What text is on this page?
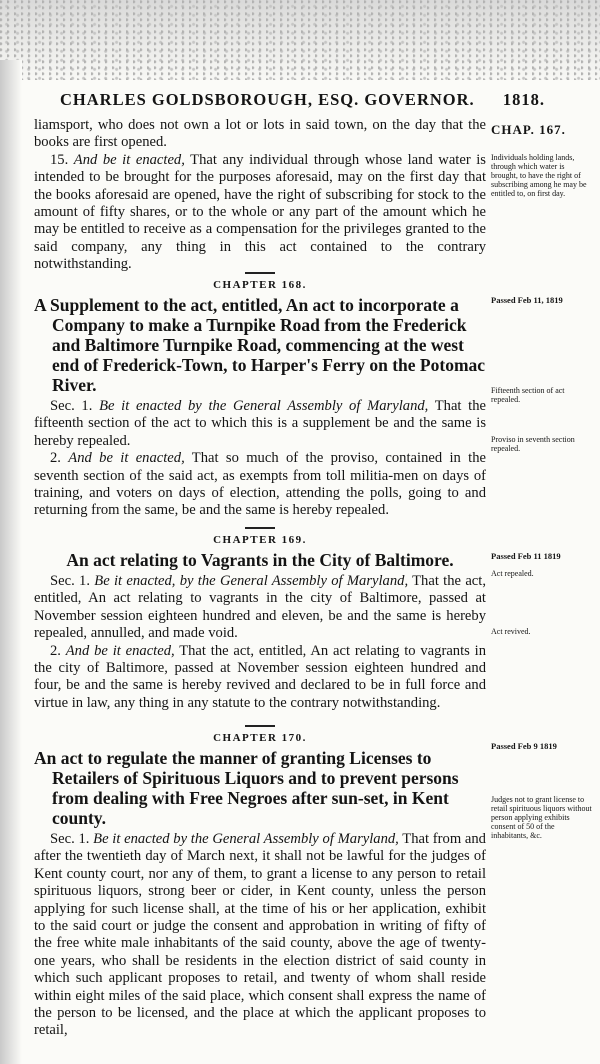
CHARLES GOLDSBOROUGH, ESQ. GOVERNOR. 1818.

liamsport, who does not own a lot or lots in said town, on the day that the books are first opened.

15. And be it enacted, That any individual through whose land water is intended to be brought for the purposes aforesaid, may on the first day that the books aforesaid are opened, have the right of subscribing for stock to the amount of fifty shares, or to the whole or any part of the amount which he may be entitled to receive as a compensation for the privileges granted to the said company, any thing in this act contained to the contrary notwithstanding.

CHAPTER 168.

A Supplement to the act, entitled, An act to incorporate a Company to make a Turnpike Road from the Frederick and Baltimore Turnpike Road, commencing at the west end of Frederick-Town, to Harper's Ferry on the Potomac River.

Sec. 1. Be it enacted by the General Assembly of Maryland, That the fifteenth section of the act to which this is a supplement be and the same is hereby repealed.

2. And be it enacted, That so much of the proviso, contained in the seventh section of the said act, as exempts from toll militia-men on days of training, and voters on days of election, attending the polls, going to and returning from the same, be and the same is hereby repealed.

CHAPTER 169.

An act relating to Vagrants in the City of Baltimore.

Sec. 1. Be it enacted, by the General Assembly of Maryland, That the act, entitled, An act relating to vagrants in the city of Baltimore, passed at November session eighteen hundred and eleven, be and the same is hereby repealed, annulled, and made void.

2. And be it enacted, That the act, entitled, An act relating to vagrants in the city of Baltimore, passed at November session eighteen hundred and four, be and the same is hereby revived and declared to be in full force and virtue in law, any thing in any statute to the contrary notwithstanding.

CHAPTER 170.

An act to regulate the manner of granting Licenses to Retailers of Spirituous Liquors and to prevent persons from dealing with Free Negroes after sun-set, in Kent county.

Sec. 1. Be it enacted by the General Assembly of Maryland, That from and after the twentieth day of March next, it shall not be lawful for the judges of Kent county court, nor any of them, to grant a license to any person to retail spirituous liquors, strong beer or cider, in Kent county, unless the person applying for such license shall, at the time of his or her application, exhibit to the said court or judge the consent and approbation in writing of fifty of the free white male inhabitants of the said county, above the age of twenty-one years, who shall be residents in the election district of said county in which such applicant proposes to retail, and twenty of whom shall reside within eight miles of the said place, which consent shall express the name of the person to be licensed, and the place at which the applicant proposes to retail,

CHAP. 167.
Individuals holding lands, through which water is brought, to have the right of subscribing among he may be entitled to, on first day.
Passed Feb 11, 1819
Fifteenth section of act repealed.
Proviso in seventh section repealed.
Passed Feb 11 1819
Act repealed.
Act revived.
Passed Feb 9 1819
Judges not to grant license to retail spirituous liquors without person applying exhibits consent of 50 of the inhabitants, &c.
